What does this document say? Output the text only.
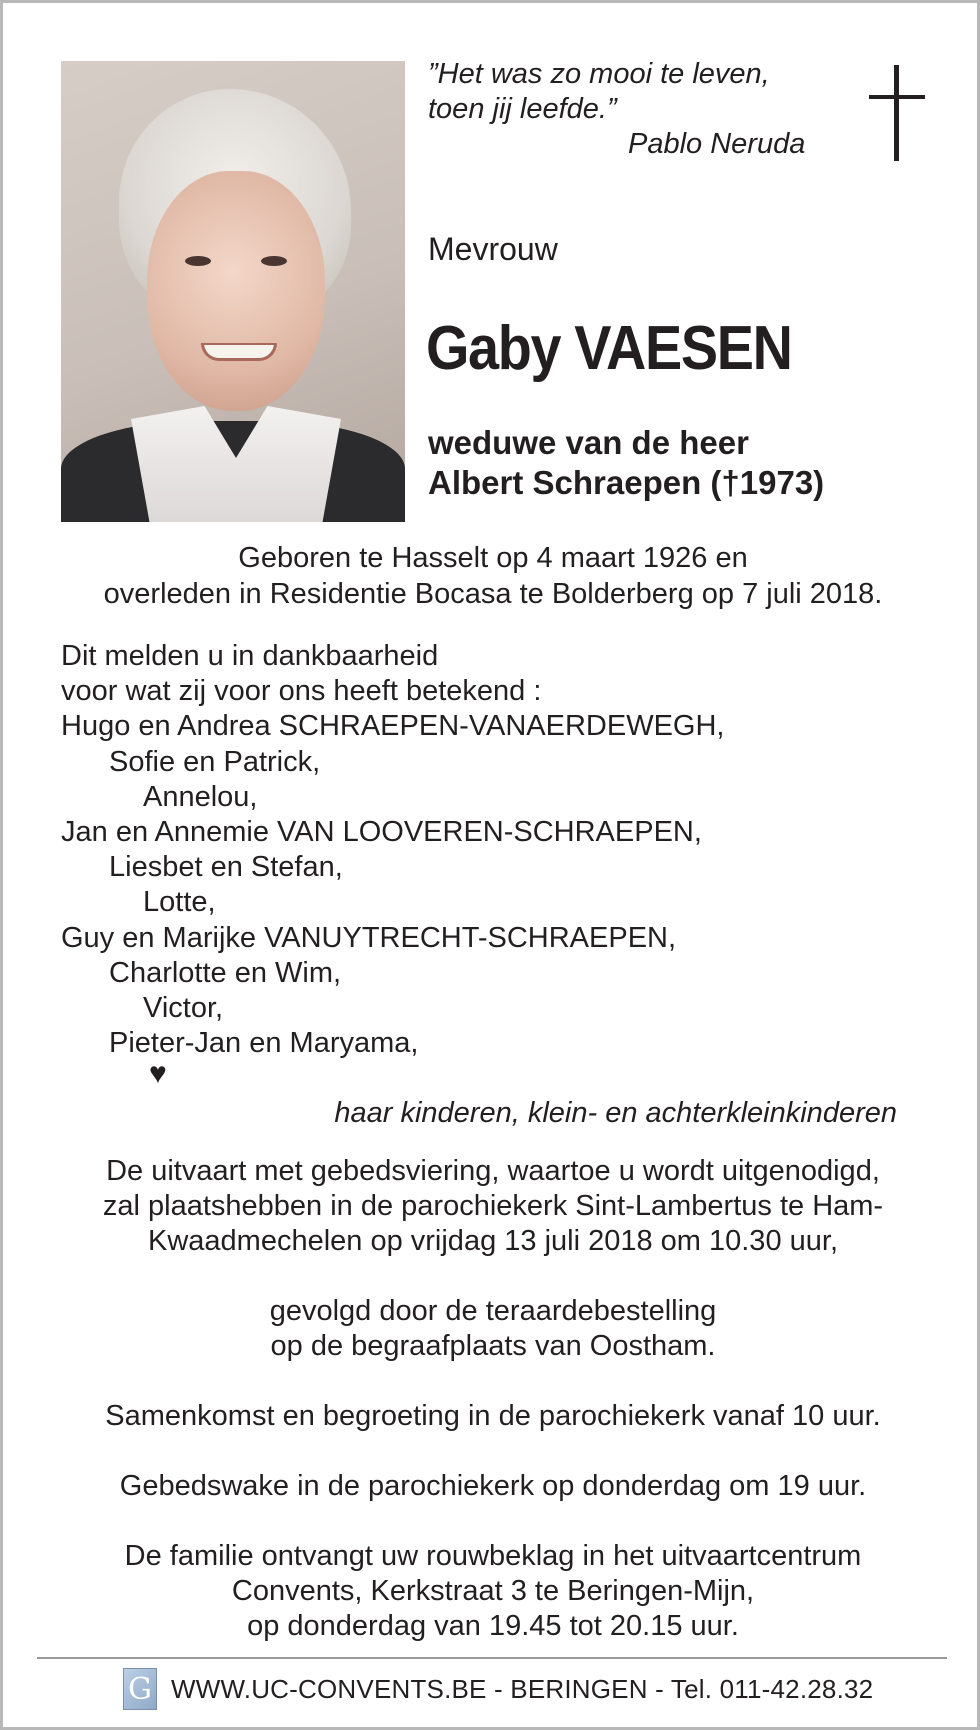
”Het was zo mooi te leven,
toen jij leefde.”
Pablo Neruda
Mevrouw
Gaby VAESEN
weduwe van de heer
Albert Schraepen (†1973)
Geboren te Hasselt op 4 maart 1926 en
overleden in Residentie Bocasa te Bolderberg op 7 juli 2018.
Dit melden u in dankbaarheid
voor wat zij voor ons heeft betekend :
Hugo en Andrea SCHRAEPEN-VANAERDEWEGH,
Sofie en Patrick,
Annelou,
Jan en Annemie VAN LOOVEREN-SCHRAEPEN,
Liesbet en Stefan,
Lotte,
Guy en Marijke VANUYTRECHT-SCHRAEPEN,
Charlotte en Wim,
Victor,
Pieter-Jan en Maryama,
♥
haar kinderen, klein- en achterkleinkinderen

De uitvaart met gebedsviering, waartoe u wordt uitgenodigd,

zal plaatshebben in de parochiekerk Sint-Lambertus te Ham-

Kwaadmechelen op vrijdag 13 juli 2018 om 10.30 uur,

gevolgd door de teraardebestelling

op de begraafplaats van Oostham.

Samenkomst en begroeting in de parochiekerk vanaf 10 uur.

Gebedswake in de parochiekerk op donderdag om 19 uur.

De familie ontvangt uw rouwbeklag in het uitvaartcentrum

Convents, Kerkstraat 3 te Beringen-Mijn,

op donderdag van 19.45 tot 20.15 uur.

G WWW.UC-CONVENTS.BE - BERINGEN - Tel. 011-42.28.32
